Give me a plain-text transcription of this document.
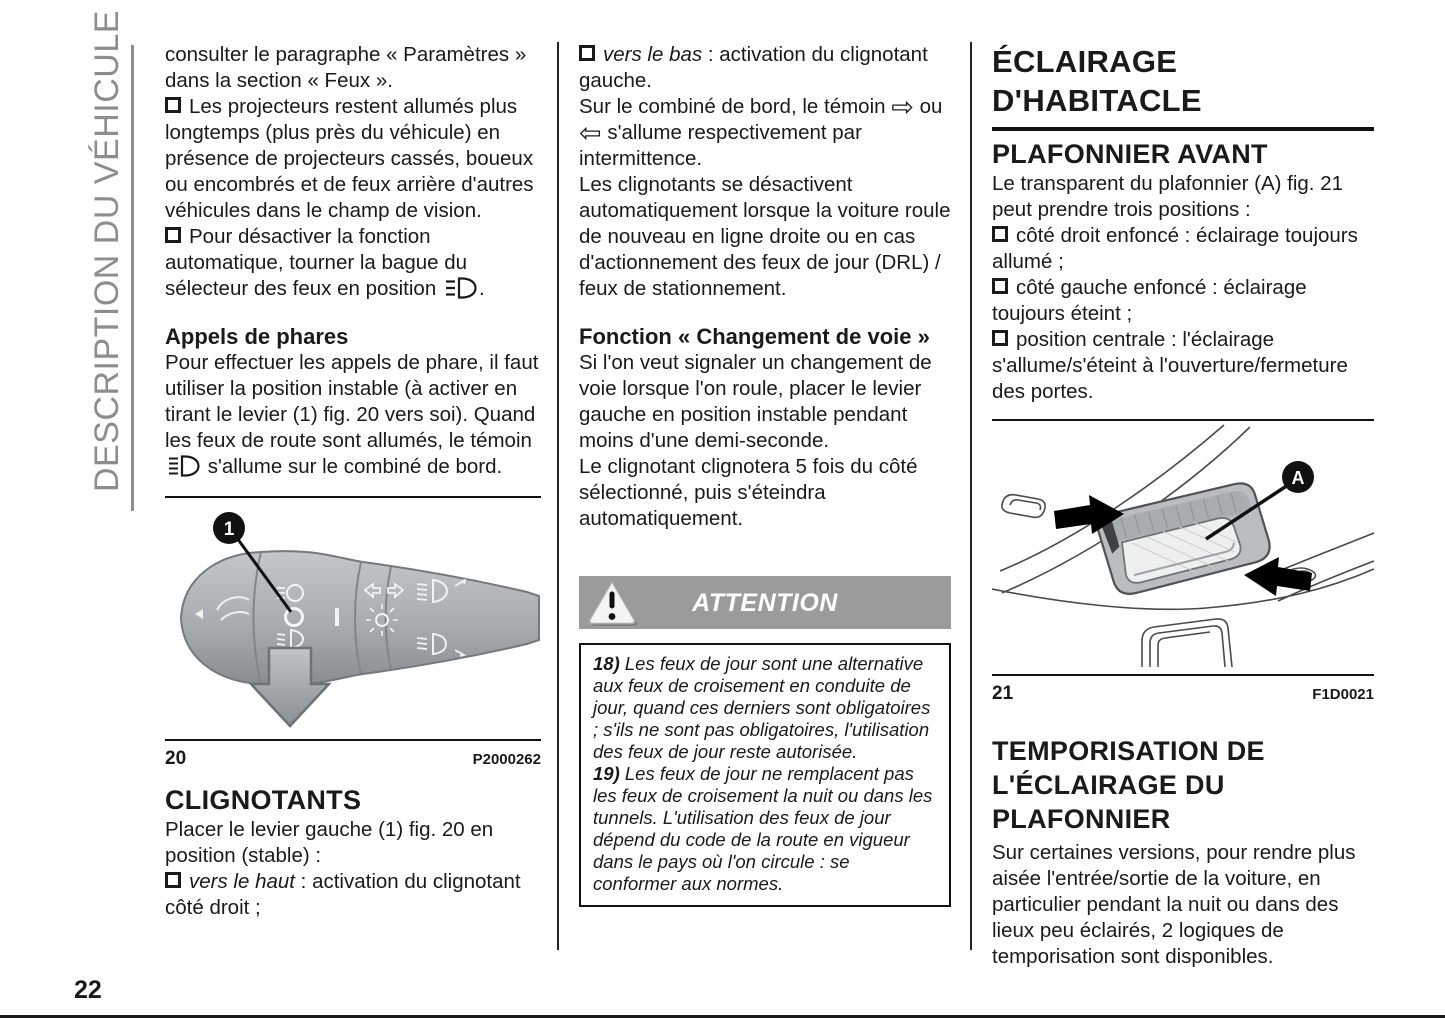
DESCRIPTION DU VÉHICULE consulter le paragraphe « Paramètres » dans la section « Feux ».

Les projecteurs restent allumés plus longtemps (plus près du véhicule) en présence de projecteurs cassés, boueux ou encombrés et de feux arrière d'autres véhicules dans le champ de vision.

Pour désactiver la fonction automatique, tourner la bague du sélecteur des feux en position .

Appels de phares

Pour effectuer les appels de phare, il faut utiliser la position instable (à activer en tirant le levier (1) fig. 20 vers soi). Quand les feux de route sont allumés, le témoin  s'allume sur le combiné de bord.

1
20	P2000262
CLIGNOTANTS

Placer le levier gauche (1) fig. 20 en position (stable) :

vers le haut : activation du clignotant côté droit ;

vers le bas : activation du clignotant gauche.

Sur le combiné de bord, le témoin ⇨ ou ⇦ s'allume respectivement par intermittence.

Les clignotants se désactivent automatiquement lorsque la voiture roule de nouveau en ligne droite ou en cas d'actionnement des feux de jour (DRL) / feux de stationnement.

Fonction « Changement de voie »

Si l'on veut signaler un changement de voie lorsque l'on roule, placer le levier gauche en position instable pendant moins d'une demi-seconde.

Le clignotant clignotera 5 fois du côté sélectionné, puis s'éteindra automatiquement.

ATTENTION
18) Les feux de jour sont une alternative aux feux de croisement en conduite de jour, quand ces derniers sont obligatoires ; s'ils ne sont pas obligatoires, l'utilisation des feux de jour reste autorisée.
19) Les feux de jour ne remplacent pas les feux de croisement la nuit ou dans les tunnels. L'utilisation des feux de jour dépend du code de la route en vigueur dans le pays où l'on circule : se conformer aux normes.
ÉCLAIRAGE D'HABITACLE
PLAFONNIER AVANT

Le transparent du plafonnier (A) fig. 21 peut prendre trois positions :

côté droit enfoncé : éclairage toujours allumé ;

côté gauche enfoncé : éclairage toujours éteint ;

position centrale : l'éclairage s'allume/s'éteint à l'ouverture/fermeture des portes.

A
21	F1D0021
TEMPORISATION DE L'ÉCLAIRAGE DU PLAFONNIER

Sur certaines versions, pour rendre plus aisée l'entrée/sortie de la voiture, en particulier pendant la nuit ou dans des lieux peu éclairés, 2 logiques de temporisation sont disponibles.

22
